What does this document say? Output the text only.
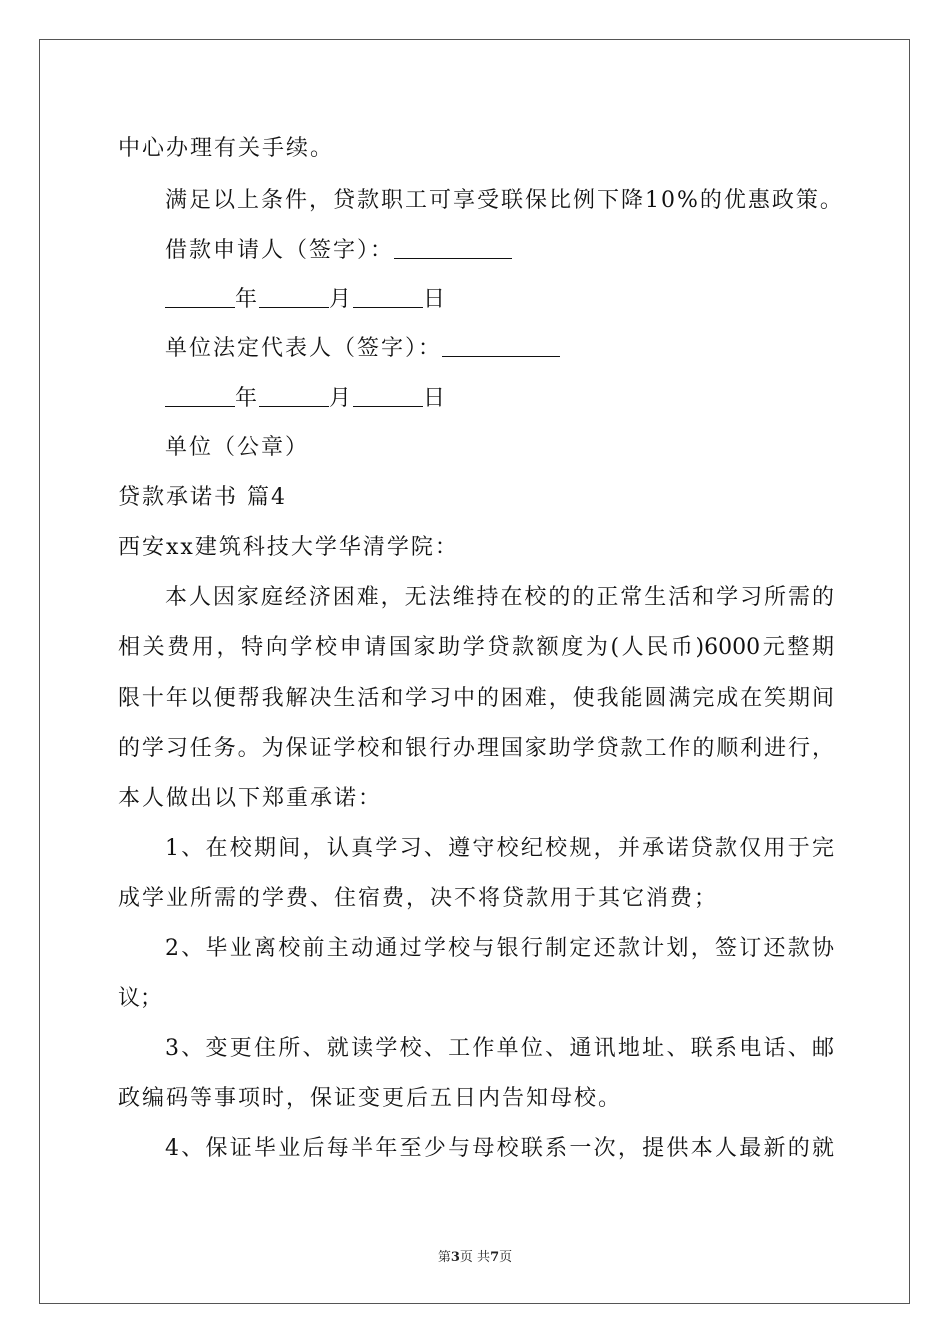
中心办理有关手续。
满足以上条件，贷款职工可享受联保比例下降10%的优惠政策。
借款申请人（签字）：
年	月	日
单位法定代表人（签字）：
年	月	日
单位（公章）
贷款承诺书 篇4
西安xx建筑科技大学华清学院：
本人因家庭经济困难，无法维持在校的的正常生活和学习所需的
相关费用，特向学校申请国家助学贷款额度为(人民币)6000元整期
限十年以便帮我解决生活和学习中的困难，使我能圆满完成在笶期间
的学习任务。为保证学校和银行办理国家助学贷款工作的顺利进行，
本人做出以下郑重承诺：
1、在校期间，认真学习、遵守校纪校规，并承诺贷款仅用于完
成学业所需的学费、住宿费，决不将贷款用于其它消费；
2、毕业离校前主动通过学校与银行制定还款计划，签订还款协
议；
3、变更住所、就读学校、工作单位、通讯地址、联系电话、邮
政编码等事项时，保证变更后五日内告知母校。
4、保证毕业后每半年至少与母校联系一次，提供本人最新的就
第3页 共7页
